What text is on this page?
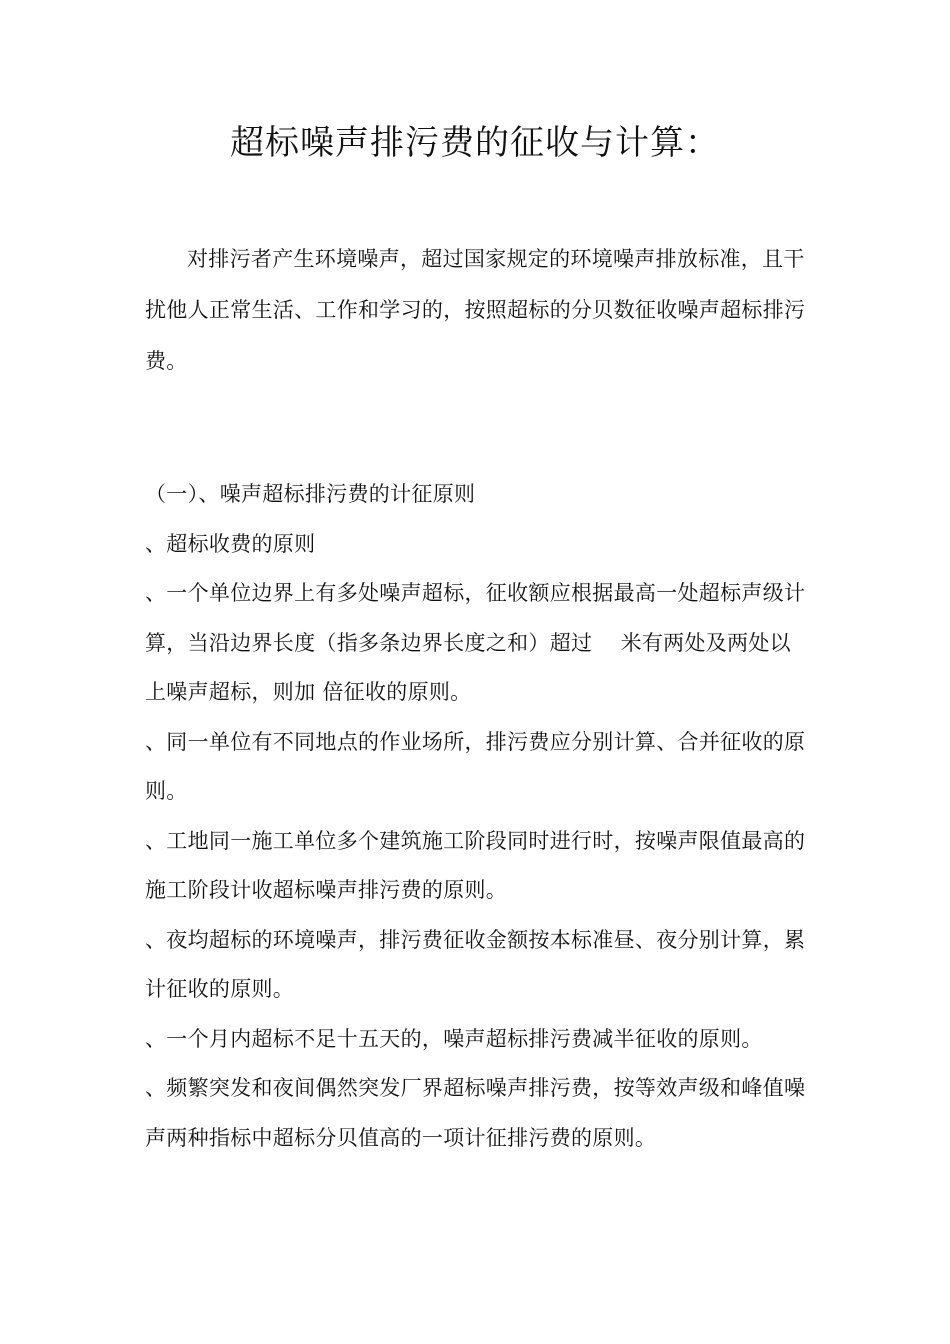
超标噪声排污费的征收与计算：

对排污者产生环境噪声，超过国家规定的环境噪声排放标准，且干扰他人正常生活、工作和学习的，按照超标的分贝数征收噪声超标排污费。

（一）、噪声超标排污费的计征原则

、超标收费的原则

、一个单位边界上有多处噪声超标，征收额应根据最高一处超标声级计算，当沿边界长度（指多条边界长度之和）超过　 米有两处及两处以上噪声超标，则加 倍征收的原则。

、同一单位有不同地点的作业场所，排污费应分别计算、合并征收的原则。

、工地同一施工单位多个建筑施工阶段同时进行时，按噪声限值最高的施工阶段计收超标噪声排污费的原则。

、夜均超标的环境噪声，排污费征收金额按本标准昼、夜分别计算，累计征收的原则。

、一个月内超标不足十五天的，噪声超标排污费减半征收的原则。

、频繁突发和夜间偶然突发厂界超标噪声排污费，按等效声级和峰值噪声两种指标中超标分贝值高的一项计征排污费的原则。
